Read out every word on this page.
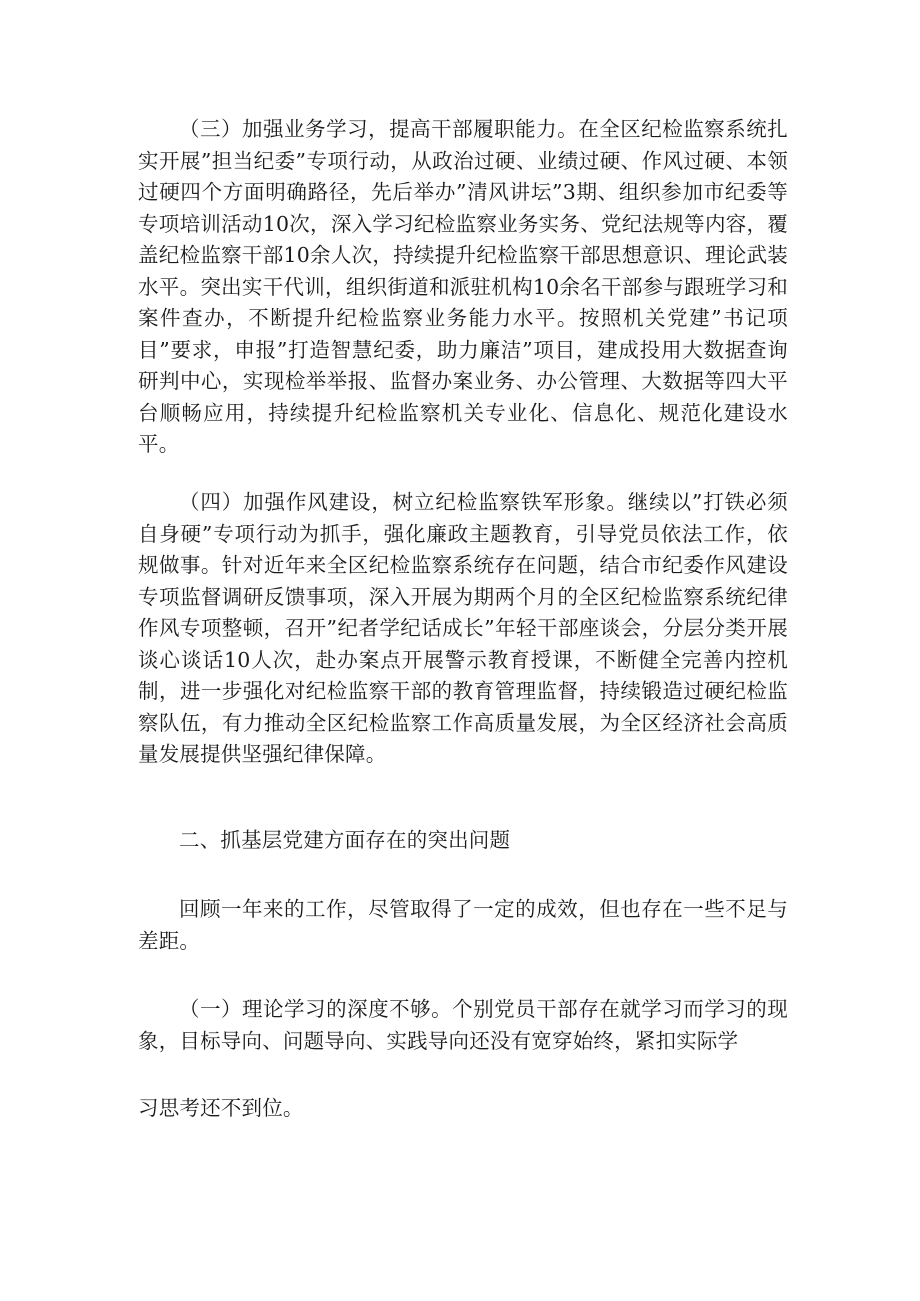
（三）加强业务学习，提高干部履职能力。在全区纪检监察系统扎实开展”担当纪委”专项行动，从政治过硬、业绩过硬、作风过硬、本领过硬四个方面明确路径，先后举办”清风讲坛”3期、组织参加市纪委等专项培训活动10次，深入学习纪检监察业务实务、党纪法规等内容，覆盖纪检监察干部10余人次，持续提升纪检监察干部思想意识、理论武装水平。突出实干代训，组织街道和派驻机构10余名干部参与跟班学习和案件查办，不断提升纪检监察业务能力水平。按照机关党建”书记项目”要求，申报”打造智慧纪委，助力廉洁”项目，建成投用大数据查询研判中心，实现检举举报、监督办案业务、办公管理、大数据等四大平台顺畅应用，持续提升纪检监察机关专业化、信息化、规范化建设水平。

（四）加强作风建设，树立纪检监察铁军形象。继续以”打铁必须自身硬”专项行动为抓手，强化廉政主题教育，引导党员依法工作，依规做事。针对近年来全区纪检监察系统存在问题，结合市纪委作风建设专项监督调研反馈事项，深入开展为期两个月的全区纪检监察系统纪律作风专项整顿，召开”纪者学纪话成长”年轻干部座谈会，分层分类开展谈心谈话10人次，赴办案点开展警示教育授课，不断健全完善内控机制，进一步强化对纪检监察干部的教育管理监督，持续锻造过硬纪检监察队伍，有力推动全区纪检监察工作高质量发展，为全区经济社会高质量发展提供坚强纪律保障。

二、抓基层党建方面存在的突出问题

回顾一年来的工作，尽管取得了一定的成效，但也存在一些不足与差距。

（一）理论学习的深度不够。个别党员干部存在就学习而学习的现象，目标导向、问题导向、实践导向还没有宽穿始终，紧扣实际学

习思考还不到位。
